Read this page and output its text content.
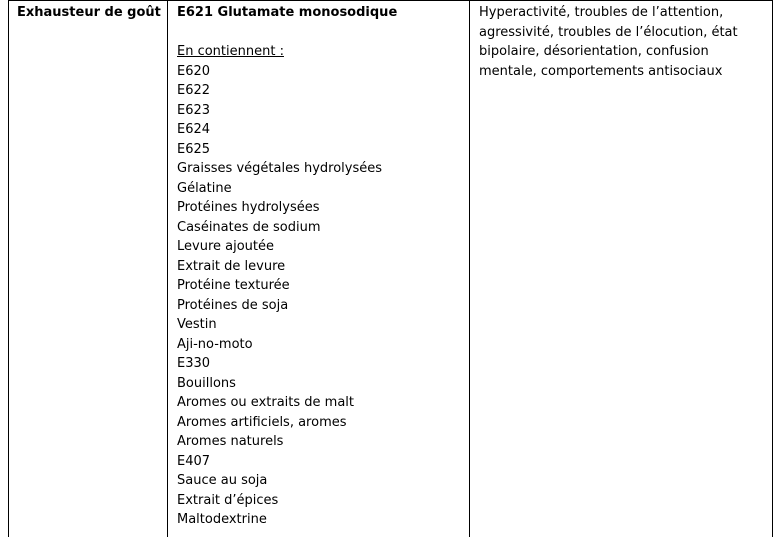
Exhausteur de goût	E621 Glutamate monosodique
En contiennent :
E620
E622
E623
E624
E625
Graisses végétales hydrolysées
Gélatine
Protéines hydrolysées
Caséinates de sodium
Levure ajoutée
Extrait de levure
Protéine texturée
Protéines de soja
Vestin
Aji-no-moto
E330
Bouillons
Aromes ou extraits de malt
Aromes artificiels, aromes
Aromes naturels
E407
Sauce au soja
Extrait d’épices
Maltodextrine
Hyperactivité, troubles de l’attention,
agressivité, troubles de l’élocution, état
bipolaire, désorientation, confusion
mentale, comportements antisociaux
